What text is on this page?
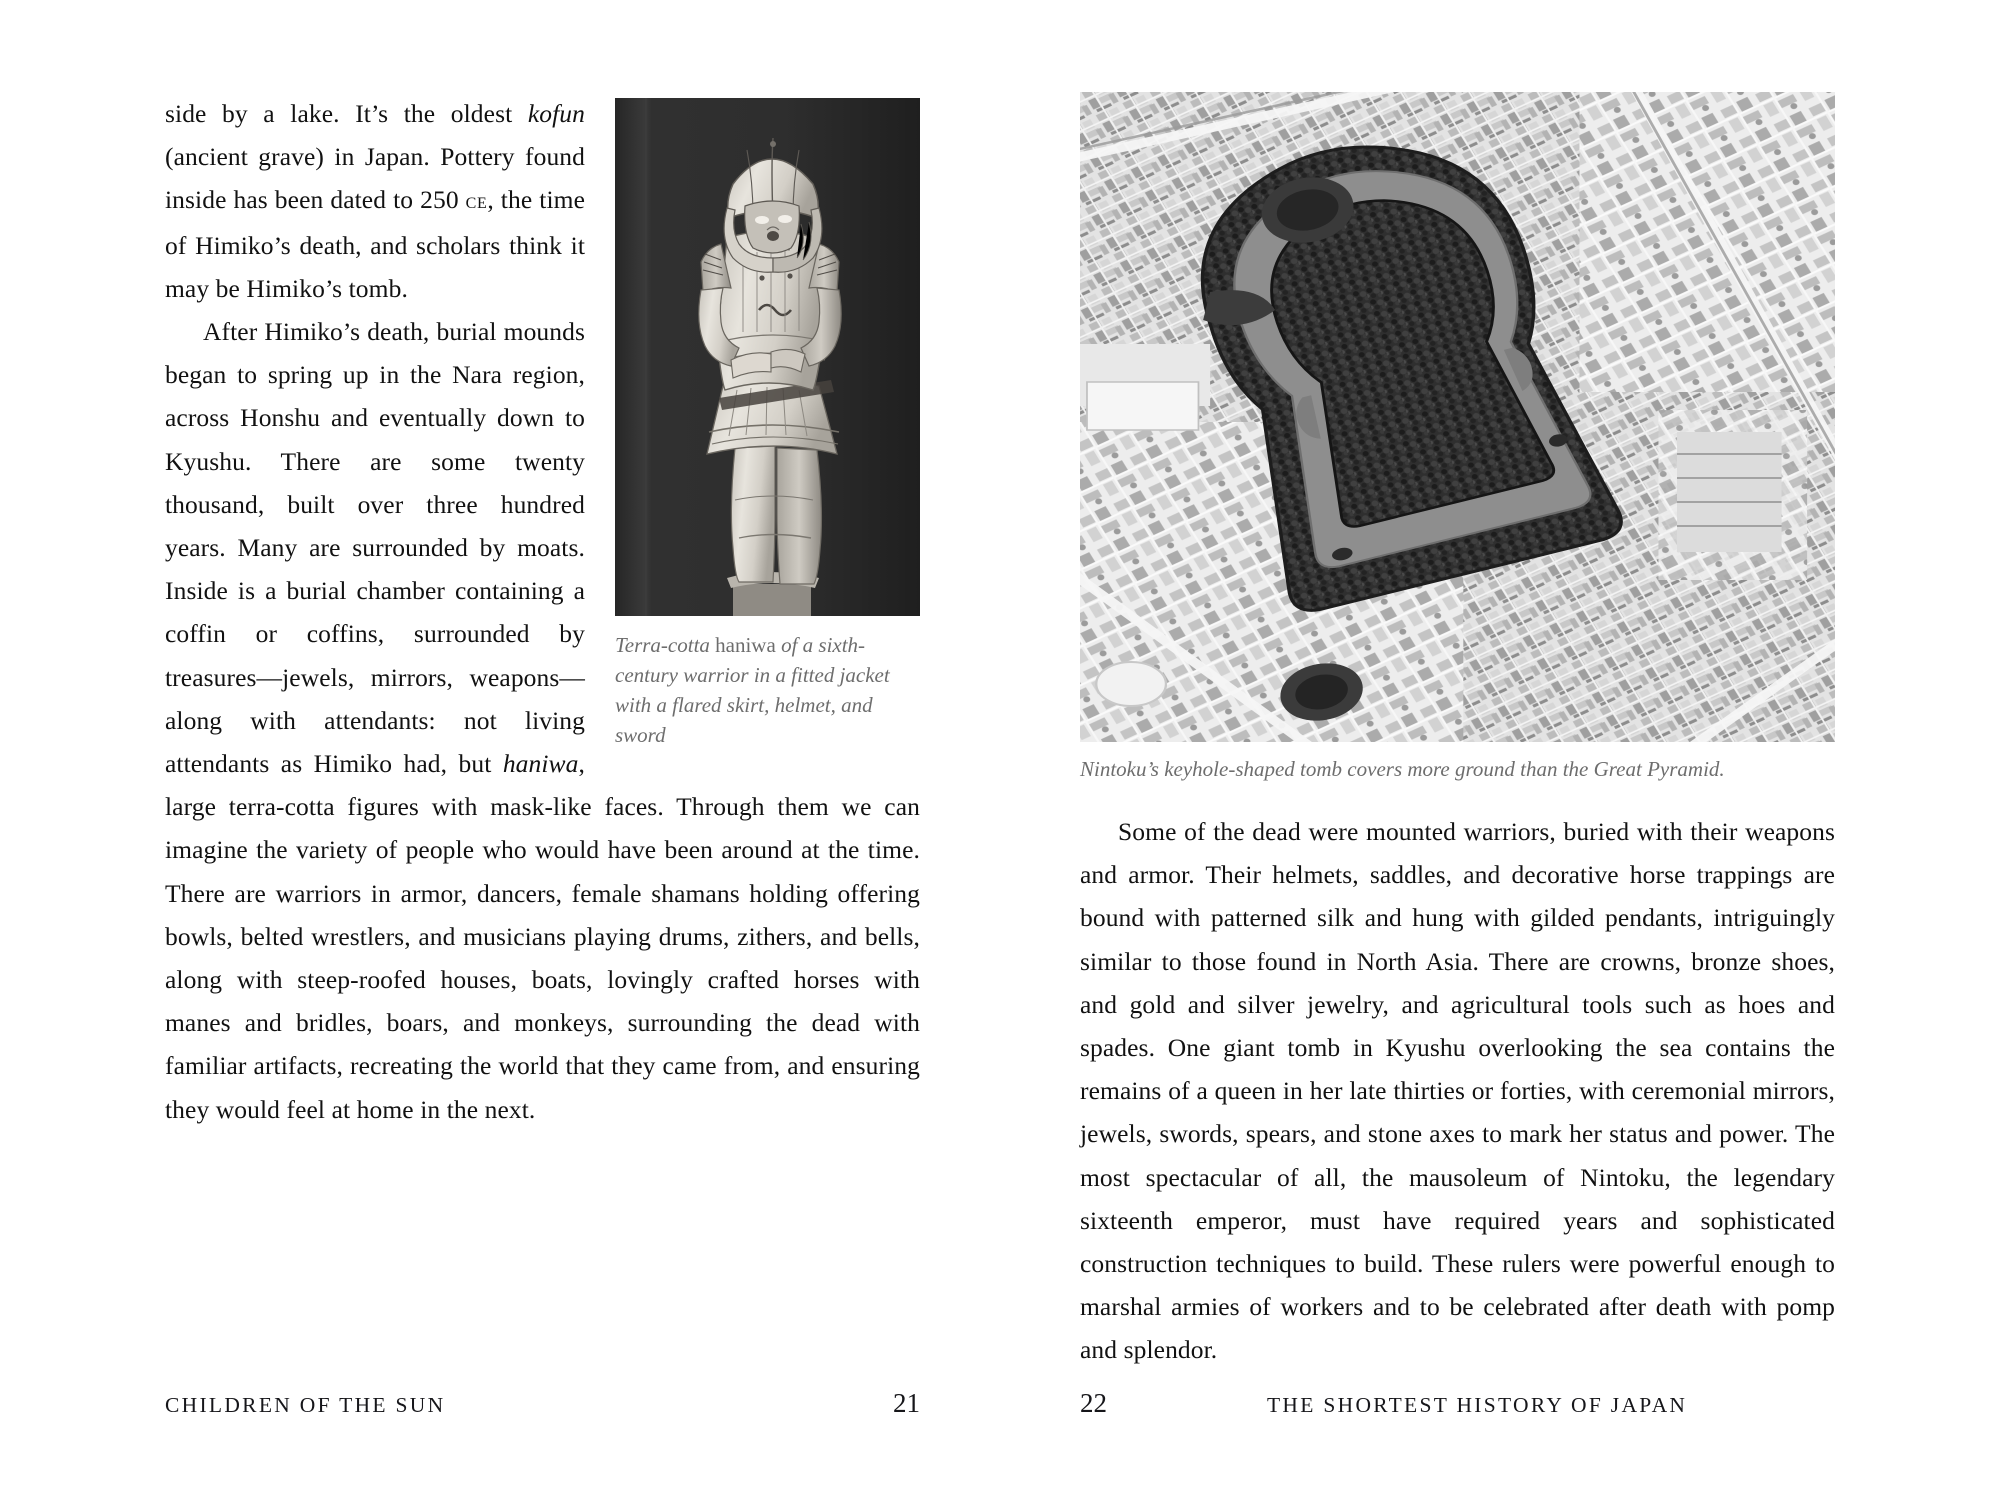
Terra-cotta haniwa of a sixth-century warrior in a fitted jacket with a flared skirt, helmet, and sword

side by a lake. It’s the oldest kofun (ancient grave) in Japan. Pottery found inside has been dated to 250 ce, the time of Himiko’s death, and scholars think it may be Himiko’s tomb.

After Himiko’s death, burial mounds began to spring up in the Nara region, across Honshu and eventually down to Kyushu. There are some twenty thousand, built over three hundred years. Many are surrounded by moats. Inside is a burial chamber containing a coffin or coffins, surrounded by treasures—jewels, mirrors, weapons—along with attendants: not living attendants as Himiko had, but haniwa, large terra-cotta figures with mask-like faces. Through them we can imagine the variety of people who would have been around at the time. There are warriors in armor, dancers, female shamans holding offering bowls, belted wrestlers, and musicians playing drums, zithers, and bells, along with steep-roofed houses, boats, lovingly crafted horses with manes and bridles, boars, and monkeys, surrounding the dead with familiar artifacts, recreating the world that they came from, and ensuring they would feel at home in the next.

CHILDREN OF THE SUN	21
Nintoku’s keyhole-shaped tomb covers more ground than the Great Pyramid.

Some of the dead were mounted warriors, buried with their weapons and armor. Their helmets, saddles, and decorative horse trappings are bound with patterned silk and hung with gilded pendants, intriguingly similar to those found in North Asia. There are crowns, bronze shoes, and gold and silver jewelry, and agricultural tools such as hoes and spades. One giant tomb in Kyushu overlooking the sea contains the remains of a queen in her late thirties or forties, with ceremonial mirrors, jewels, swords, spears, and stone axes to mark her status and power. The most spectacular of all, the mausoleum of Nintoku, the legendary sixteenth emperor, must have required years and sophisticated construction techniques to build. These rulers were powerful enough to marshal armies of workers and to be celebrated after death with pomp and splendor.

22	THE SHORTEST HISTORY OF JAPAN
